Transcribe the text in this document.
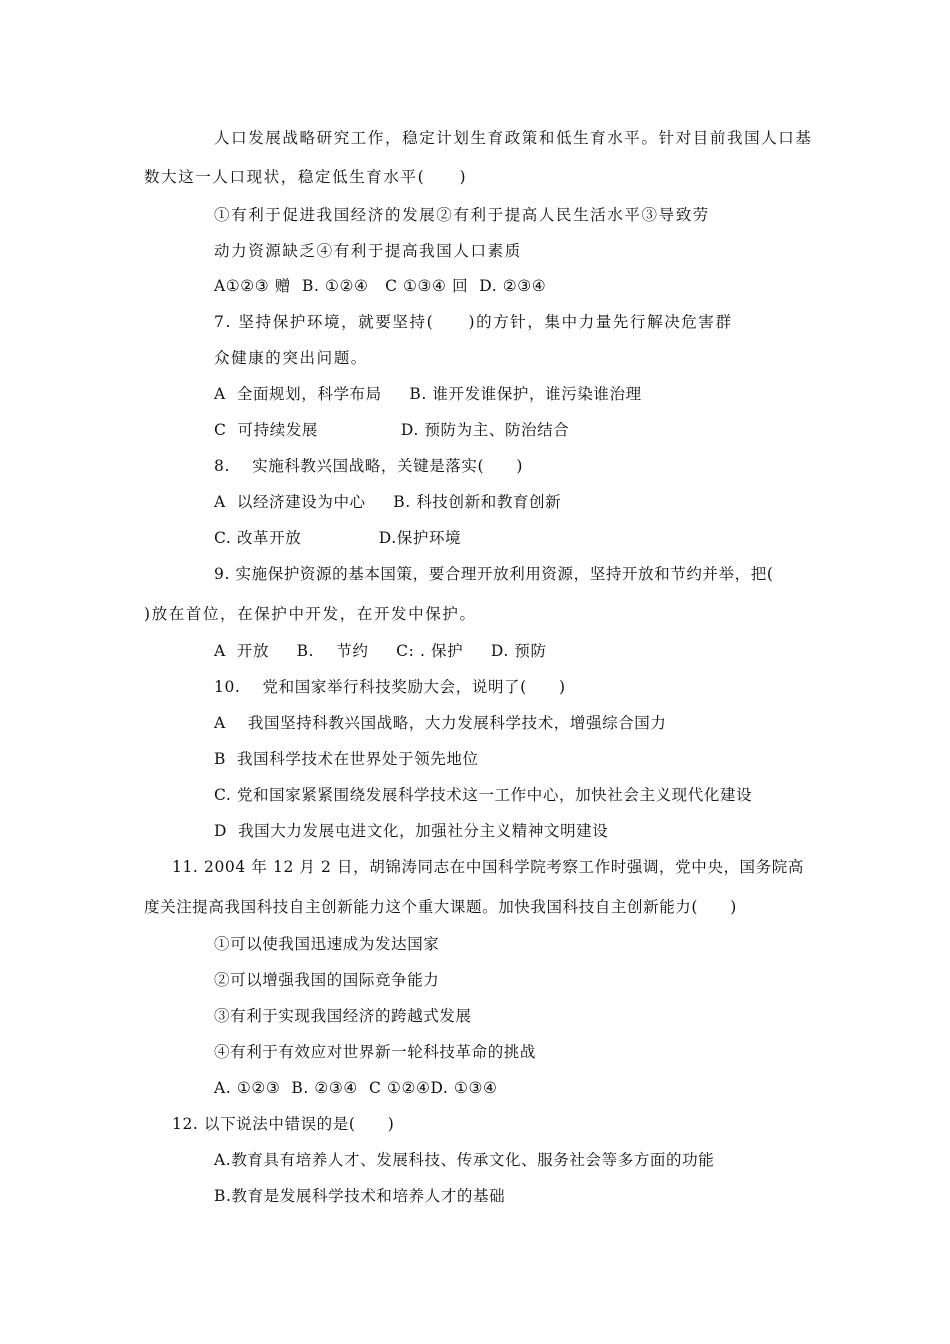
人口发展战略研究工作，稳定计划生育政策和低生育水平。针对目前我国人口基
数大这一人口现状，稳定低生育水平(　　)
①有利于促进我国经济的发展②有利于提高人民生活水平③导致劳
动力资源缺乏④有利于提高我国人口素质
A①②③ 赠  B. ①②④   C ①③④ 回  D. ②③④
7. 坚持保护环境，就要坚持(　　)的方针，集中力量先行解决危害群
众健康的突出问题。
A  全面规划，科学布局     B. 谁开发谁保护，谁污染谁治理
C  可持续发展               D. 预防为主、防治结合
8.    实施科教兴国战略，关键是落实(　　)
A  以经济建设为中心     B. 科技创新和教育创新
C. 改革开放              D.保护环境
9. 实施保护资源的基本国策，要合理开放利用资源，坚持开放和节约并举，把(
)放在首位，在保护中开发，在开发中保护。
A  开放     B.    节约     C: . 保护     D. 预防
10.    党和国家举行科技奖励大会，说明了(　　)
A    我国坚持科教兴国战略，大力发展科学技术，增强综合国力
B  我国科学技术在世界处于领先地位
C. 党和国家紧紧围绕发展科学技术这一工作中心，加快社会主义现代化建设
D  我国大力发展屯进文化，加强社分主义精神文明建设
11. 2004 年 12 月 2 日，胡锦涛同志在中国科学院考察工作时强调，党中央，国务院高
度关注提高我国科技自主创新能力这个重大课题。加快我国科技自主创新能力(　　)
①可以使我国迅速成为发达国家
②可以增强我国的国际竞争能力
③有利于实现我国经济的跨越式发展
④有利于有效应对世界新一轮科技革命的挑战
A. ①②③  B. ②③④  C ①②④D. ①③④
12. 以下说法中错误的是(　　)
A.教育具有培养人才、发展科技、传承文化、服务社会等多方面的功能
B.教育是发展科学技术和培养人才的基础
